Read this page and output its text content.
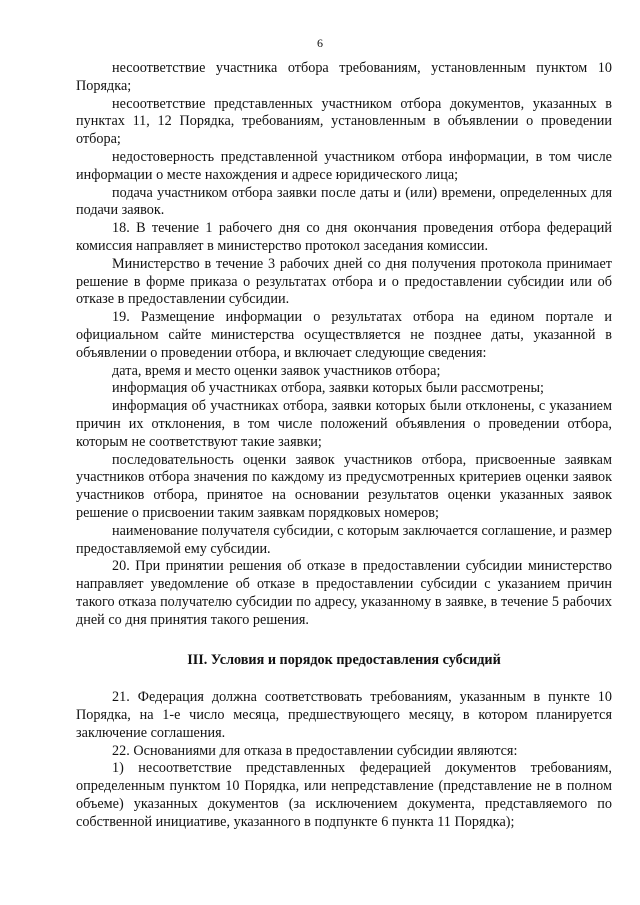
6

несоответствие участника отбора требованиям, установленным пунктом 10 Порядка;

несоответствие представленных участником отбора документов, указанных в пунктах 11, 12 Порядка, требованиям, установленным в объявлении о проведении отбора;

недостоверность представленной участником отбора информации, в том числе информации о месте нахождения и адресе юридического лица;

подача участником отбора заявки после даты и (или) времени, определенных для подачи заявок.

18. В течение 1 рабочего дня со дня окончания проведения отбора федераций комиссия направляет в министерство протокол заседания комиссии.

Министерство в течение 3 рабочих дней со дня получения протокола принимает решение в форме приказа о результатах отбора и о предоставлении субсидии или об отказе в предоставлении субсидии.

19. Размещение информации о результатах отбора на едином портале и официальном сайте министерства осуществляется не позднее даты, указанной в объявлении о проведении отбора, и включает следующие сведения:

дата, время и место оценки заявок участников отбора;

информация об участниках отбора, заявки которых были рассмотрены;

информация об участниках отбора, заявки которых были отклонены, с указанием причин их отклонения, в том числе положений объявления о проведении отбора, которым не соответствуют такие заявки;

последовательность оценки заявок участников отбора, присвоенные заявкам участников отбора значения по каждому из предусмотренных критериев оценки заявок участников отбора, принятое на основании результатов оценки указанных заявок решение о присвоении таким заявкам порядковых номеров;

наименование получателя субсидии, с которым заключается соглашение, и размер предоставляемой ему субсидии.

20. При принятии решения об отказе в предоставлении субсидии министерство направляет уведомление об отказе в предоставлении субсидии с указанием причин такого отказа получателю субсидии по адресу, указанному в заявке, в течение 5 рабочих дней со дня принятия такого решения.

III. Условия и порядок предоставления субсидий

21. Федерация должна соответствовать требованиям, указанным в пункте 10 Порядка, на 1-е число месяца, предшествующего месяцу, в котором планируется заключение соглашения.

22. Основаниями для отказа в предоставлении субсидии являются:

1) несоответствие представленных федерацией документов требованиям, определенным пунктом 10 Порядка, или непредставление (представление не в полном объеме) указанных документов (за исключением документа, представляемого по собственной инициативе, указанного в подпункте 6 пункта 11 Порядка);
